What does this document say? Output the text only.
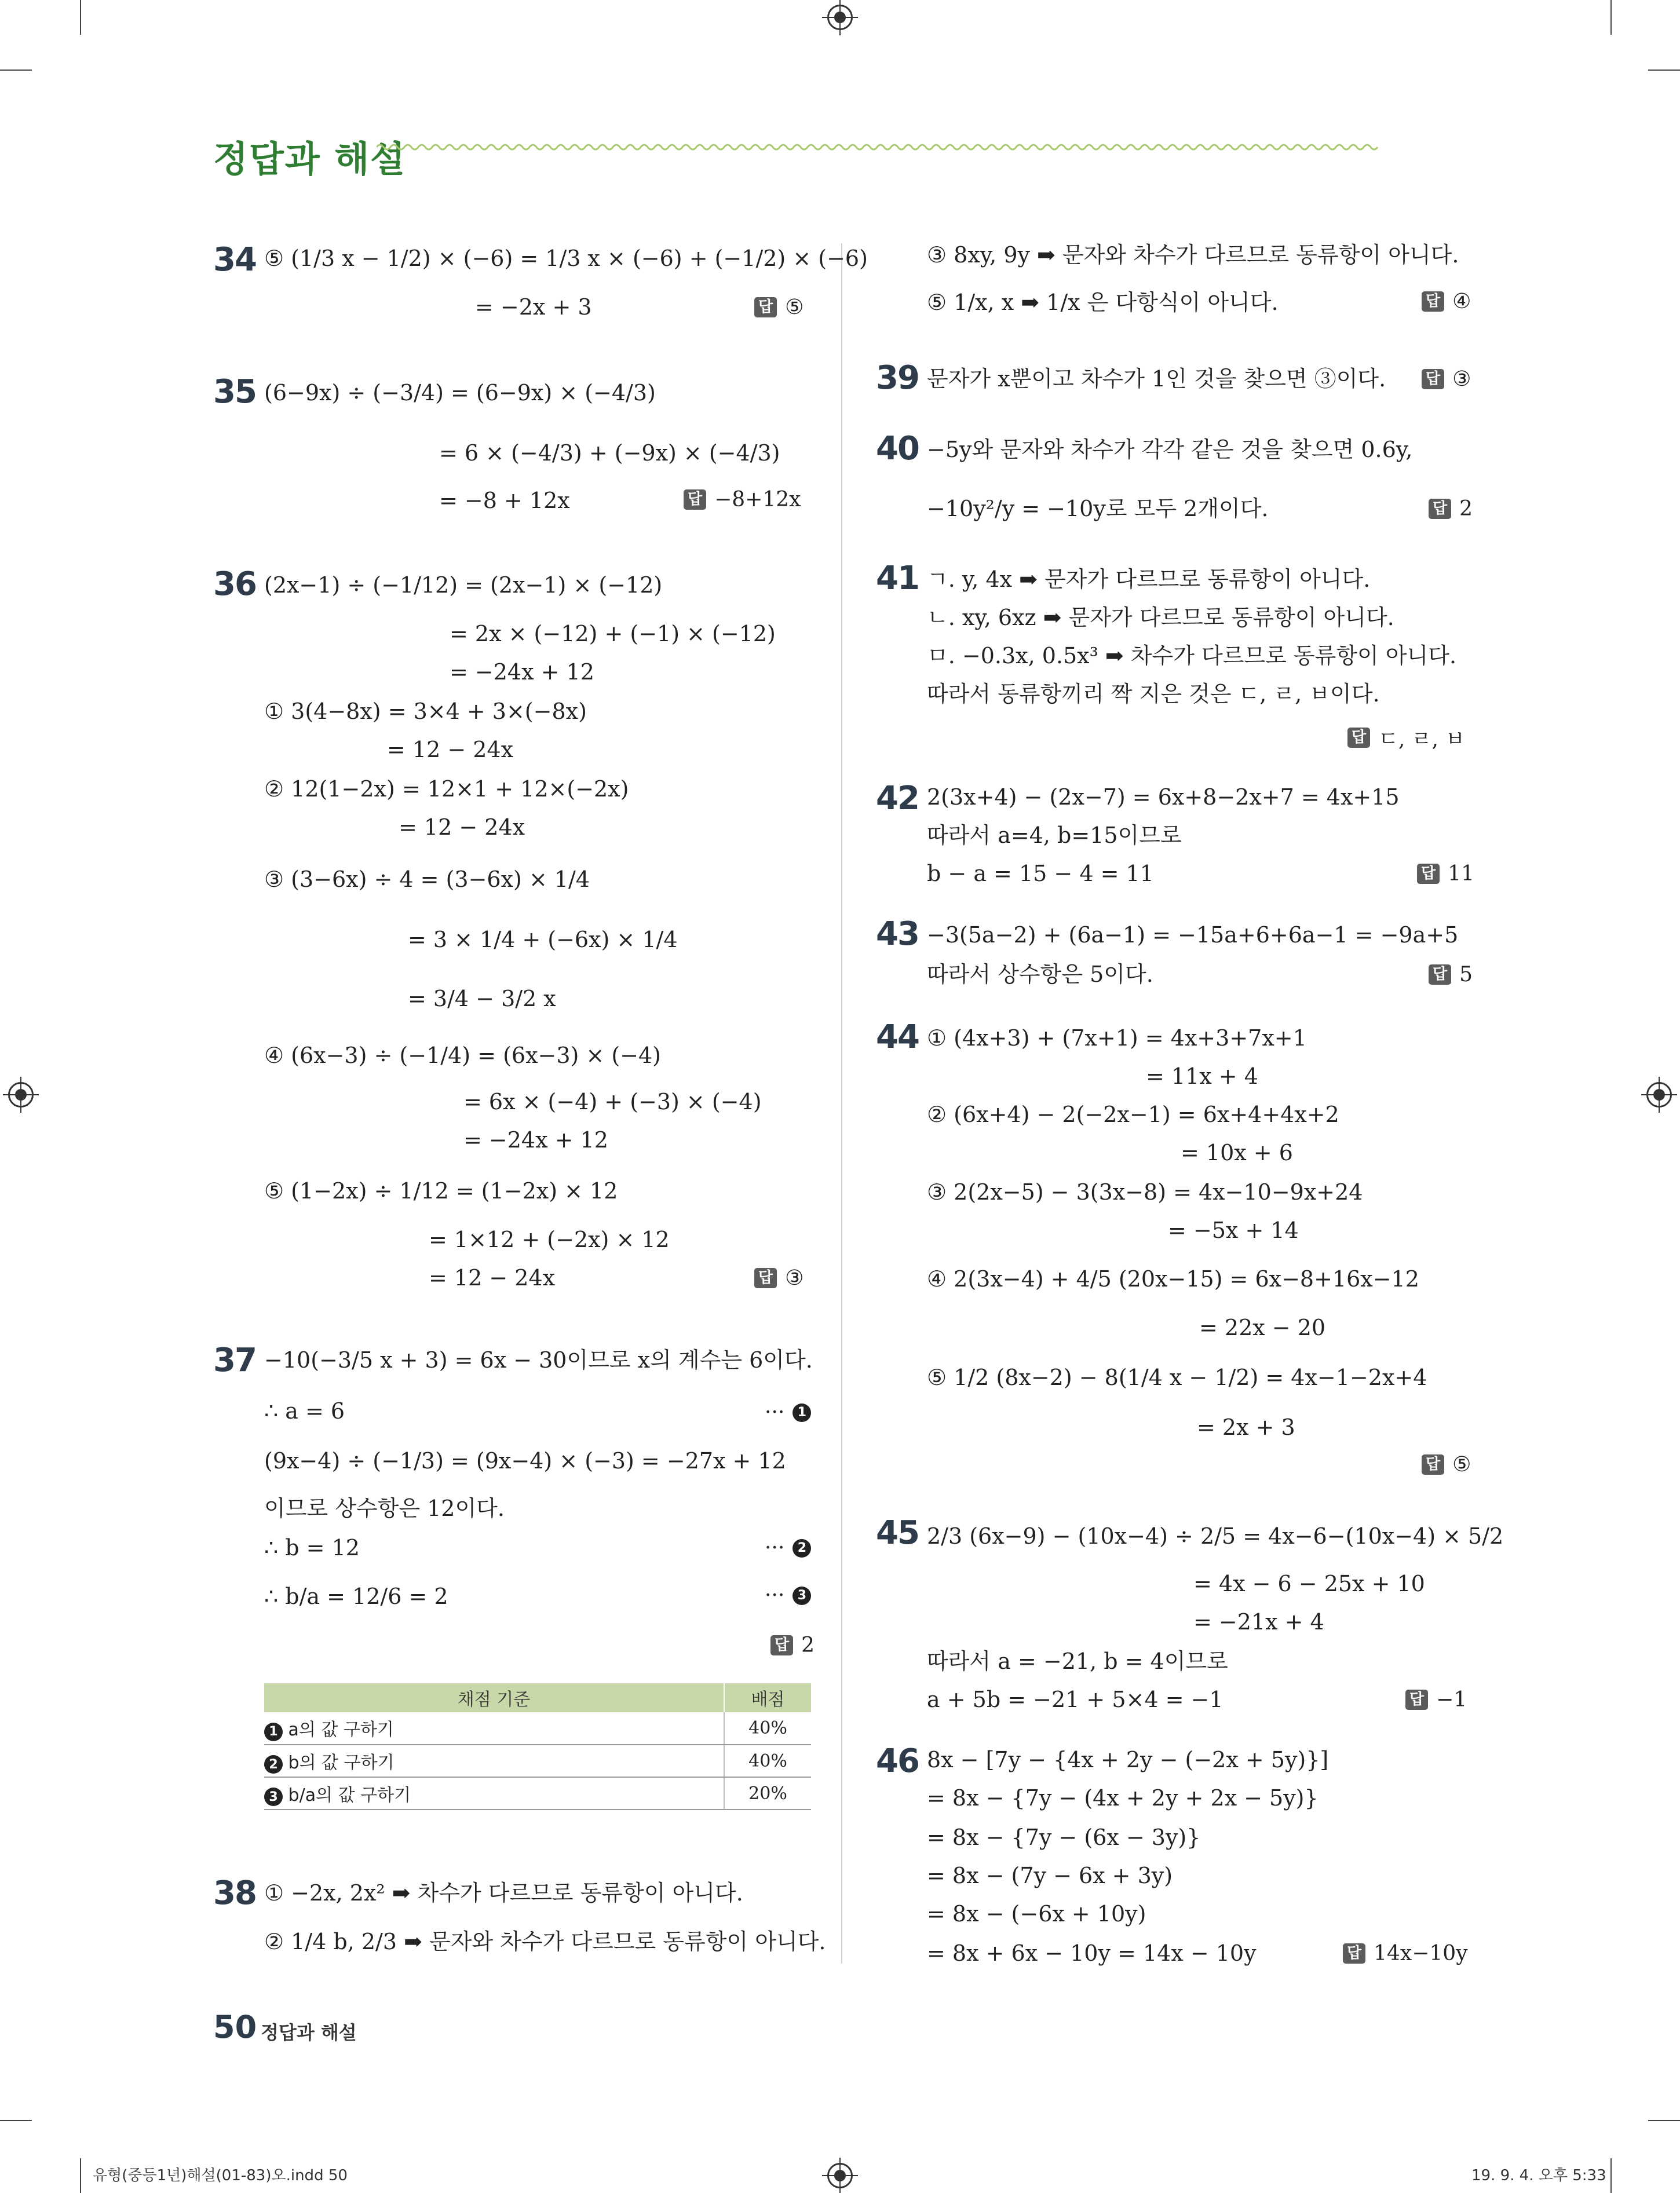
정답과 해설
34 ⑤ (1/3 x − 1/2) × (−6) = 1/3 x × (−6) + (−1/2) × (−6)
= −2x + 3	답 ⑤
35 (6−9x) ÷ (−3/4) = (6−9x) × (−4/3)
= 6 × (−4/3) + (−9x) × (−4/3)
= −8 + 12x	답 −8+12x
36 (2x−1) ÷ (−1/12) = (2x−1) × (−12)
= 2x × (−12) + (−1) × (−12)
= −24x + 12
① 3(4−8x) = 3×4 + 3×(−8x)
= 12 − 24x
② 12(1−2x) = 12×1 + 12×(−2x)
= 12 − 24x
③ (3−6x) ÷ 4 = (3−6x) × 1/4
= 3 × 1/4 + (−6x) × 1/4
= 3/4 − 3/2 x
④ (6x−3) ÷ (−1/4) = (6x−3) × (−4)
= 6x × (−4) + (−3) × (−4)
= −24x + 12
⑤ (1−2x) ÷ 1/12 = (1−2x) × 12
= 1×12 + (−2x) × 12
= 12 − 24x	답 ③
37 −10(−3/5 x + 3) = 6x − 30이므로 x의 계수는 6이다.
∴ a = 6	···	1
(9x−4) ÷ (−1/3) = (9x−4) × (−3) = −27x + 12
이므로 상수항은 12이다.
∴ b = 12	···	2
∴ b/a = 12/6 = 2	···	3
답 2
채점 기준	배점
1 a의 값 구하기	40%
2 b의 값 구하기	40%
3 b/a의 값 구하기	20%
38 ① −2x, 2x² ➡ 차수가 다르므로 동류항이 아니다.
② 1/4 b, 2/3 ➡ 문자와 차수가 다르므로 동류항이 아니다.
③ 8xy, 9y ➡ 문자와 차수가 다르므로 동류항이 아니다.
⑤ 1/x, x ➡ 1/x 은 다항식이 아니다.	답 ④
39 문자가 x뿐이고 차수가 1인 것을 찾으면 ③이다.	답 ③
40 −5y와 문자와 차수가 각각 같은 것을 찾으면 0.6y,
−10y²/y = −10y로 모두 2개이다.	답 2
41 ㄱ. y, 4x ➡ 문자가 다르므로 동류항이 아니다.
ㄴ. xy, 6xz ➡ 문자가 다르므로 동류항이 아니다.
ㅁ. −0.3x, 0.5x³ ➡ 차수가 다르므로 동류항이 아니다.
따라서 동류항끼리 짝 지은 것은 ㄷ, ㄹ, ㅂ이다.
답 ㄷ, ㄹ, ㅂ
42 2(3x+4) − (2x−7) = 6x+8−2x+7 = 4x+15
따라서 a=4, b=15이므로
b − a = 15 − 4 = 11	답 11
43 −3(5a−2) + (6a−1) = −15a+6+6a−1 = −9a+5
따라서 상수항은 5이다.	답 5
44 ① (4x+3) + (7x+1) = 4x+3+7x+1
= 11x + 4
② (6x+4) − 2(−2x−1) = 6x+4+4x+2
= 10x + 6
③ 2(2x−5) − 3(3x−8) = 4x−10−9x+24
= −5x + 14
④ 2(3x−4) + 4/5 (20x−15) = 6x−8+16x−12
= 22x − 20
⑤ 1/2 (8x−2) − 8(1/4 x − 1/2) = 4x−1−2x+4
= 2x + 3
답 ⑤
45 2/3 (6x−9) − (10x−4) ÷ 2/5 = 4x−6−(10x−4) × 5/2
= 4x − 6 − 25x + 10
= −21x + 4
따라서 a = −21, b = 4이므로
a + 5b = −21 + 5×4 = −1	답 −1
46 8x − [7y − {4x + 2y − (−2x + 5y)}]
= 8x − {7y − (4x + 2y + 2x − 5y)}
= 8x − {7y − (6x − 3y)}
= 8x − (7y − 6x + 3y)
= 8x − (−6x + 10y)
= 8x + 6x − 10y = 14x − 10y	답 14x−10y
50 정답과 해설
유형(중등1년)해설(01-83)오.indd 50	19. 9. 4. 오후 5:33
